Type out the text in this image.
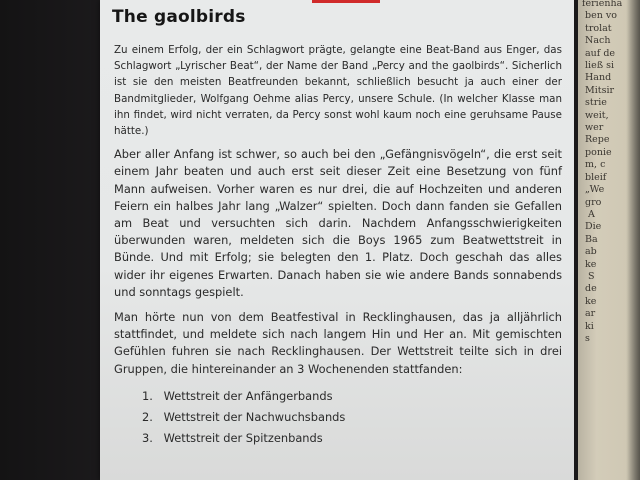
The gaolbirds

Zu einem Erfolg, der ein Schlagwort prägte, gelangte eine Beat-Band aus Enger, das Schlagwort „Lyrischer Beat“, der Name der Band „Percy and the gaolbirds“. Sicherlich ist sie den meisten Beatfreunden bekannt, schließlich besucht ja auch einer der Bandmitglieder, Wolfgang Oehme alias Percy, unsere Schule. (In welcher Klasse man ihn findet, wird nicht verraten, da Percy sonst wohl kaum noch eine geruhsame Pause hätte.)

Aber aller Anfang ist schwer, so auch bei den „Gefängnisvögeln“, die erst seit einem Jahr beaten und auch erst seit dieser Zeit eine Besetzung von fünf Mann aufweisen. Vorher waren es nur drei, die auf Hochzeiten und anderen Feiern ein halbes Jahr lang „Walzer“ spielten. Doch dann fanden sie Gefallen am Beat und versuchten sich darin. Nachdem Anfangsschwierigkeiten überwunden waren, meldeten sich die Boys 1965 zum Beatwettstreit in Bünde. Und mit Erfolg; sie belegten den 1. Platz. Doch geschah das alles wider ihr eigenes Erwarten. Danach haben sie wie andere Bands sonnabends und sonntags gespielt.

Man hörte nun von dem Beatfestival in Recklinghausen, das ja alljährlich stattfindet, und meldete sich nach langem Hin und Her an. Mit gemischten Gefühlen fuhren sie nach Recklinghausen. Der Wettstreit teilte sich in drei Gruppen, die hintereinander an 3 Wochenenden stattfanden:

1. Wettstreit der Anfängerbands
2. Wettstreit der Nachwuchsbands
3. Wettstreit der Spitzenbands
ferienhä
ben vo
trolat
Nach
auf de
ließ si
Hand
Mitsir
strie
weit,
wer
Repe
ponie
m, c
bleif
„We
gro
A
Die
Ba
ab
ke
S
de
ke
ar
ki
s
